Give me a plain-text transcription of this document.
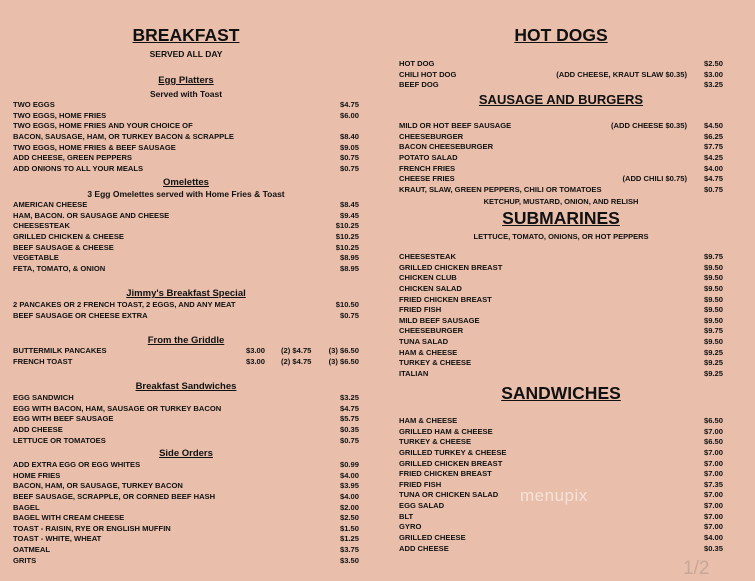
BREAKFAST
SERVED ALL DAY
Egg Platters
Served with Toast
TWO EGGS	$4.75
TWO EGGS, HOME FRIES	$6.00
TWO EGGS, HOME FRIES AND YOUR CHOICE OF
BACON, SAUSAGE, HAM, OR TURKEY BACON & SCRAPPLE	$8.40
TWO EGGS, HOME FRIES & BEEF SAUSAGE	$9.05
ADD CHEESE, GREEN PEPPERS	$0.75
ADD ONIONS TO ALL YOUR MEALS	$0.75
Omelettes
3 Egg Omelettes served with Home Fries & Toast
AMERICAN CHEESE	$8.45
HAM, BACON. OR SAUSAGE AND CHEESE	$9.45
CHEESESTEAK	$10.25
GRILLED CHICKEN & CHEESE	$10.25
BEEF SAUSAGE & CHEESE	$10.25
VEGETABLE	$8.95
FETA, TOMATO, & ONION	$8.95
Jimmy's Breakfast Special
2 PANCAKES OR 2 FRENCH TOAST, 2 EGGS, AND ANY MEAT	$10.50
BEEF SAUSAGE OR CHEESE EXTRA	$0.75
From the Griddle
BUTTERMILK PANCAKES	$3.00 (2) $4.75 (3) $6.50
FRENCH TOAST	$3.00 (2) $4.75 (3) $6.50
Breakfast Sandwiches
EGG SANDWICH	$3.25
EGG WITH BACON, HAM, SAUSAGE OR TURKEY BACON	$4.75
EGG WITH BEEF SAUSAGE	$5.75
ADD CHEESE	$0.35
LETTUCE OR TOMATOES	$0.75
Side Orders
ADD EXTRA EGG OR EGG WHITES	$0.99
HOME FRIES	$4.00
BACON, HAM, OR SAUSAGE, TURKEY BACON	$3.95
BEEF SAUSAGE, SCRAPPLE, OR CORNED BEEF HASH	$4.00
BAGEL	$2.00
BAGEL WITH CREAM CHEESE	$2.50
TOAST - RAISIN, RYE OR ENGLISH MUFFIN	$1.50
TOAST - WHITE, WHEAT	$1.25
OATMEAL	$3.75
GRITS	$3.50
HOT DOGS
HOT DOG	$2.50
CHILI HOT DOG	(ADD CHEESE, KRAUT SLAW $0.35) $3.00
BEEF DOG	$3.25
SAUSAGE AND BURGERS
MILD OR HOT BEEF SAUSAGE	(ADD CHEESE $0.35) $4.50
CHEESEBURGER	$6.25
BACON CHEESEBURGER	$7.75
POTATO SALAD	$4.25
FRENCH FRIES	$4.00
CHEESE FRIES	(ADD CHILI $0.75) $4.75
KRAUT, SLAW, GREEN PEPPERS, CHILI OR TOMATOES	$0.75
KETCHUP, MUSTARD, ONION, AND RELISH
SUBMARINES
LETTUCE, TOMATO, ONIONS, OR HOT PEPPERS
CHEESESTEAK	$9.75
GRILLED CHICKEN BREAST	$9.50
CHICKEN CLUB	$9.50
CHICKEN SALAD	$9.50
FRIED CHICKEN BREAST	$9.50
FRIED FISH	$9.50
MILD BEEF SAUSAGE	$9.50
CHEESEBURGER	$9.75
TUNA SALAD	$9.50
HAM & CHEESE	$9.25
TURKEY & CHEESE	$9.25
ITALIAN	$9.25
SANDWICHES
HAM & CHEESE	$6.50
GRILLED HAM & CHEESE	$7.00
TURKEY & CHEESE	$6.50
GRILLED TURKEY & CHEESE	$7.00
GRILLED CHICKEN BREAST	$7.00
FRIED CHICKEN BREAST	$7.00
FRIED FISH	$7.35
TUNA OR CHICKEN SALAD	$7.00
EGG SALAD	$7.00
BLT	$7.00
GYRO	$7.00
GRILLED CHEESE	$4.00
ADD CHEESE	$0.35
menupix
1/2
